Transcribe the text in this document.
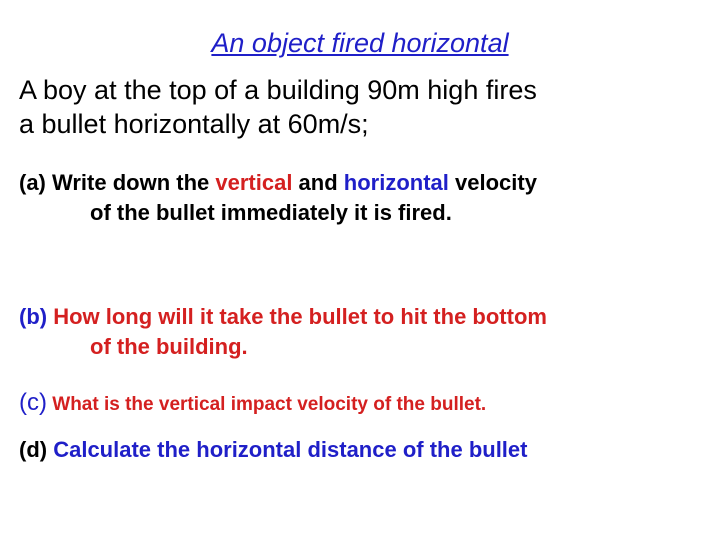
An object fired horizontal
A boy at the top of a building 90m high fires
a bullet horizontally at 60m/s;
(a) Write down the vertical and horizontal velocity
of the bullet immediately it is fired.
(b) How long will it take the bullet to hit the bottom
of the building.
(c) What is the vertical impact velocity of the bullet.
(d) Calculate the horizontal distance of the bullet
